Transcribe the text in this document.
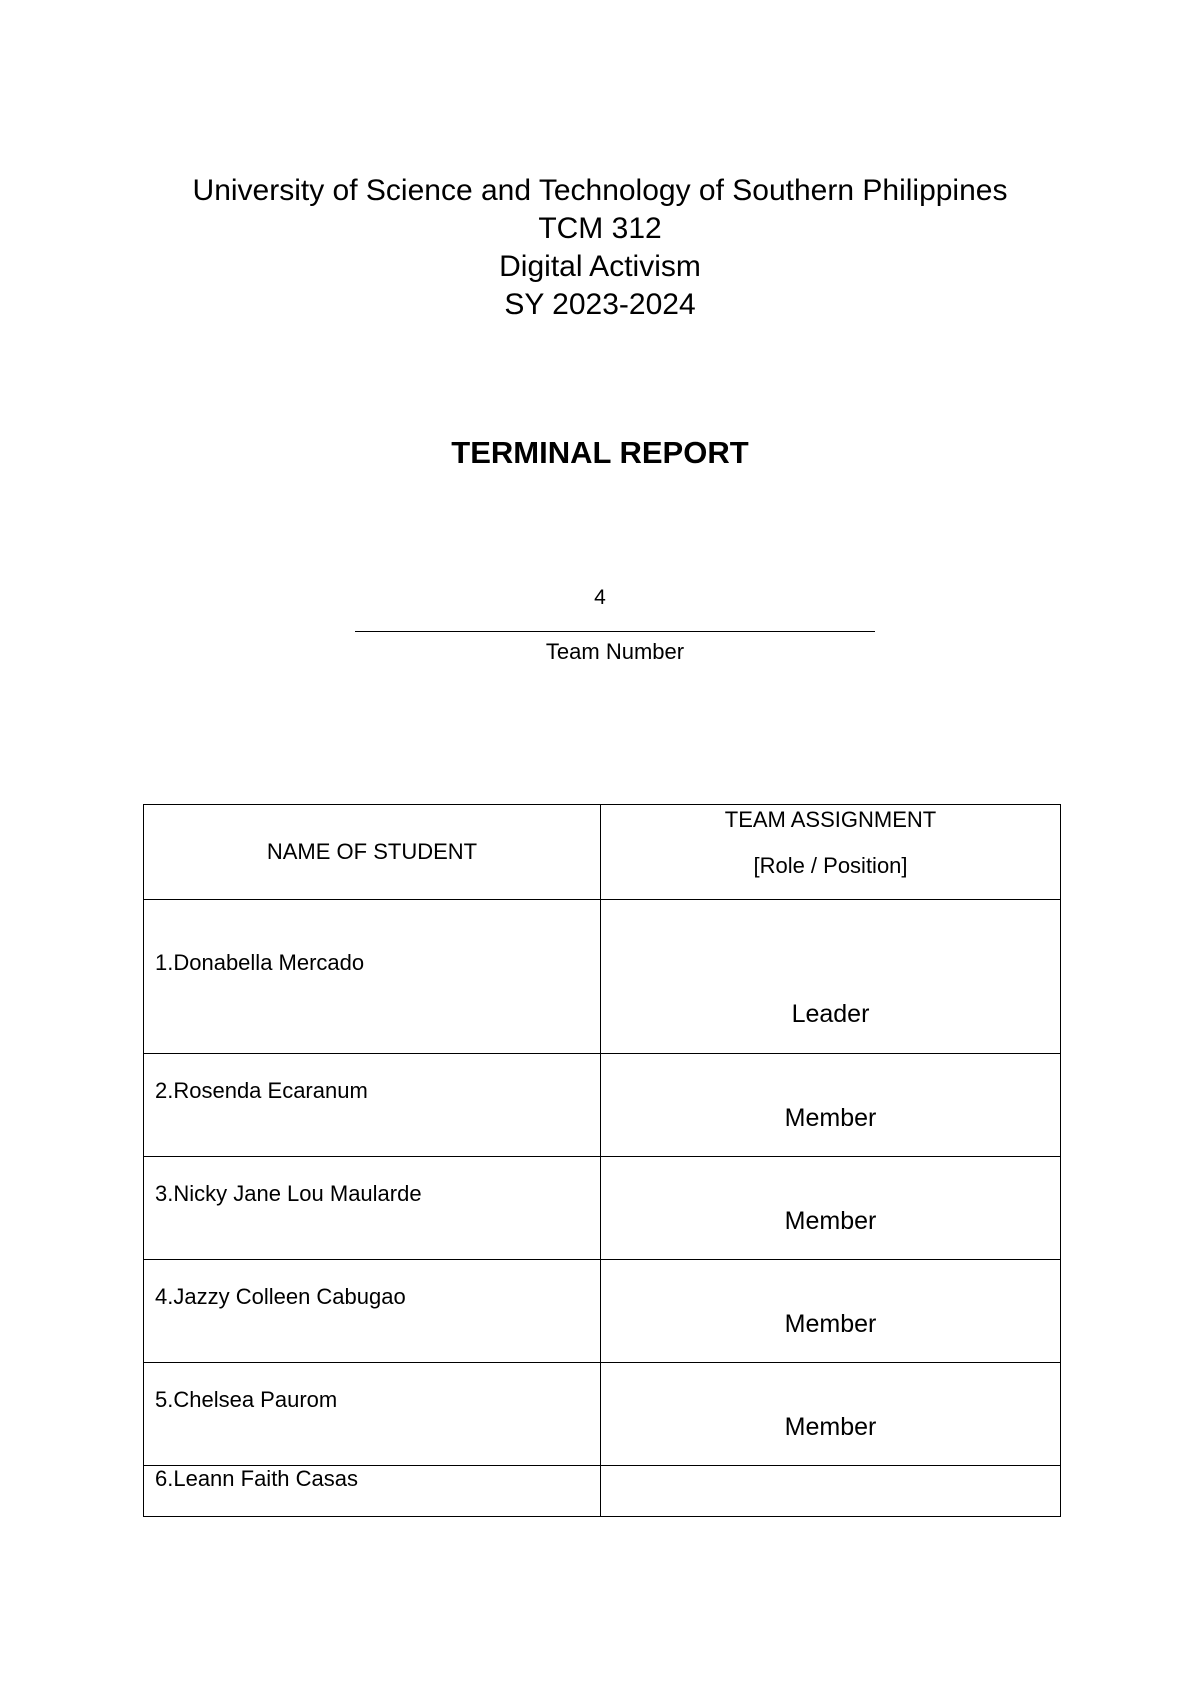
University of Science and Technology of Southern Philippines
TCM 312
Digital Activism
SY 2023-2024
TERMINAL REPORT
4
Team Number
NAME OF STUDENT	TEAM ASSIGNMENT
[Role / Position]

1.Donabella Mercado	Leader

2.Rosenda Ecaranum	Member

3.Nicky Jane Lou Maularde	Member

4.Jazzy Colleen Cabugao	Member

5.Chelsea Paurom	Member

6.Leann Faith Casas	
